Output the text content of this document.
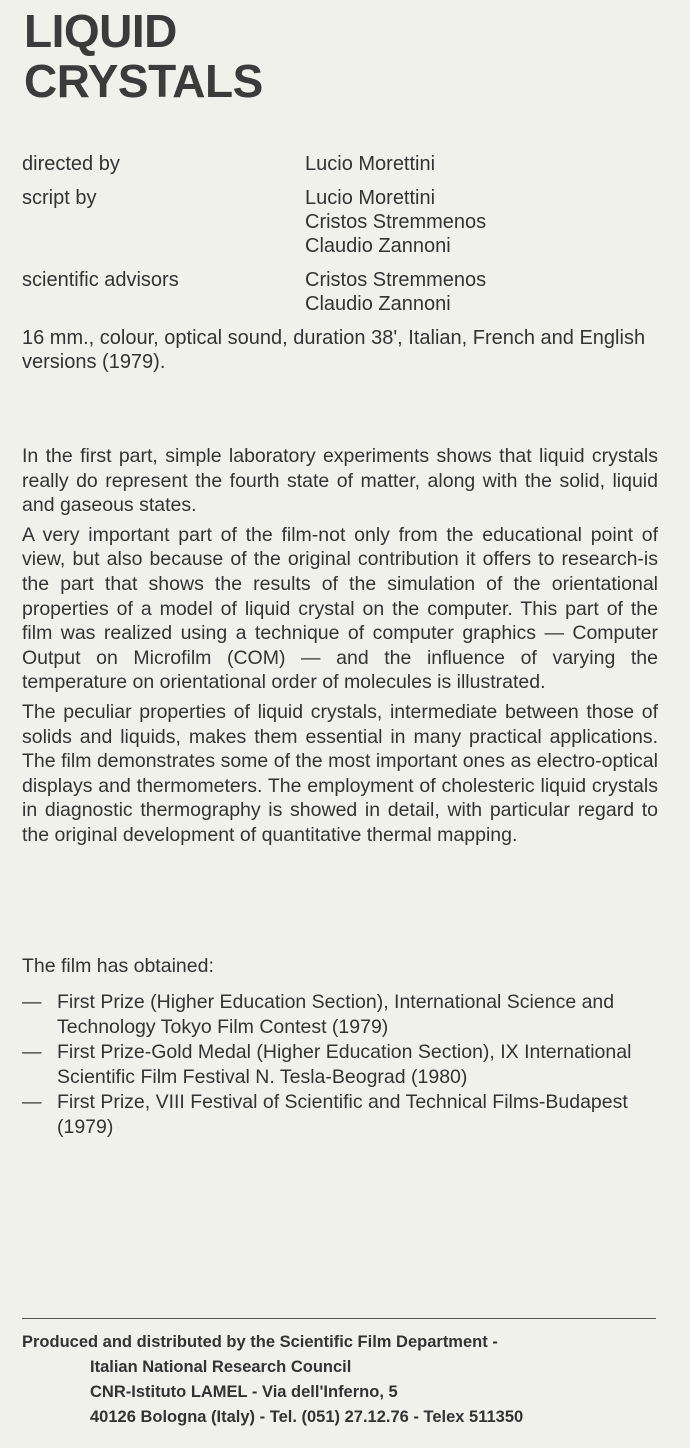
LIQUID
CRYSTALS
directed by	Lucio Morettini
script by	Lucio Morettini
Cristos Stremmenos
Claudio Zannoni
scientific advisors	Cristos Stremmenos
Claudio Zannoni

16 mm., colour, optical sound, duration 38', Italian, French and English versions (1979).

In the first part, simple laboratory experiments shows that liquid crystals really do represent the fourth state of matter, along with the solid, liquid and gaseous states.

A very important part of the film-not only from the educational point of view, but also because of the original contribution it offers to research-is the part that shows the results of the simulation of the orientational properties of a model of liquid crystal on the computer. This part of the film was realized using a technique of computer graphics — Computer Output on Microfilm (COM) — and the influence of varying the temperature on orientational order of molecules is illustrated.

The peculiar properties of liquid crystals, intermediate between those of solids and liquids, makes them essential in many practical applications. The film demonstrates some of the most important ones as electro-optical displays and thermometers. The employment of cholesteric liquid crystals in diagnostic thermography is showed in detail, with particular regard to the original development of quantitative thermal mapping.

The film has obtained:

— First Prize (Higher Education Section), International Science and Technology Tokyo Film Contest (1979)
— First Prize-Gold Medal (Higher Education Section), IX International Scientific Film Festival N. Tesla-Beograd (1980)
— First Prize, VIII Festival of Scientific and Technical Films-Budapest (1979)
Produced and distributed by the Scientific Film Department -
Italian National Research Council
CNR-Istituto LAMEL - Via dell'Inferno, 5
40126 Bologna (Italy) - Tel. (051) 27.12.76 - Telex 511350
